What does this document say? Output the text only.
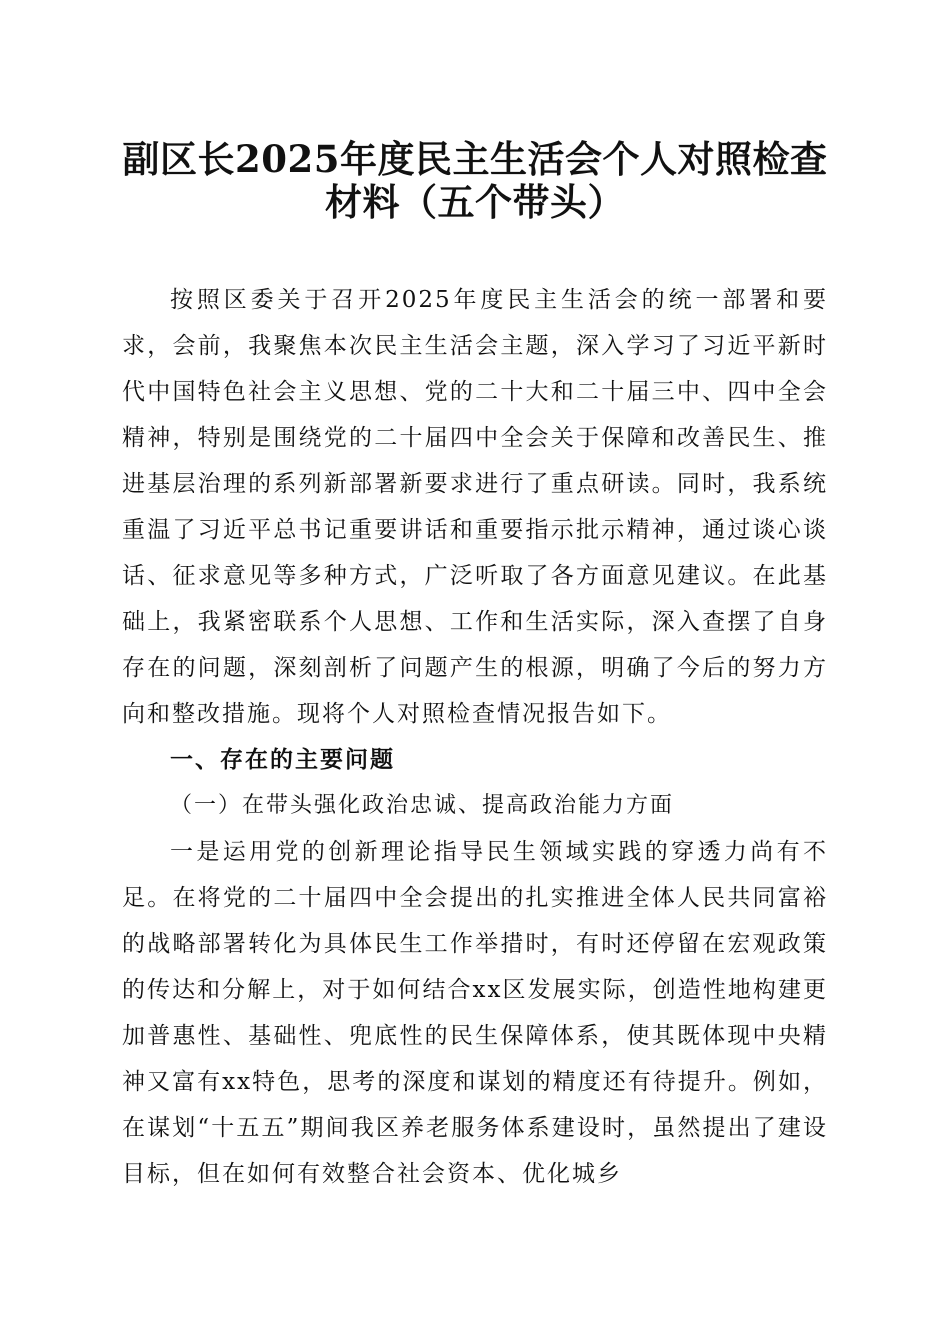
副区长2025年度民主生活会个人对照检查材料（五个带头）

按照区委关于召开2025年度民主生活会的统一部署和要求，会前，我聚焦本次民主生活会主题，深入学习了习近平新时代中国特色社会主义思想、党的二十大和二十届三中、四中全会精神，特别是围绕党的二十届四中全会关于保障和改善民生、推进基层治理的系列新部署新要求进行了重点研读。同时，我系统重温了习近平总书记重要讲话和重要指示批示精神，通过谈心谈话、征求意见等多种方式，广泛听取了各方面意见建议。在此基础上，我紧密联系个人思想、工作和生活实际，深入查摆了自身存在的问题，深刻剖析了问题产生的根源，明确了今后的努力方向和整改措施。现将个人对照检查情况报告如下。

一、存在的主要问题

（一）在带头强化政治忠诚、提高政治能力方面

一是运用党的创新理论指导民生领域实践的穿透力尚有不足。在将党的二十届四中全会提出的扎实推进全体人民共同富裕的战略部署转化为具体民生工作举措时，有时还停留在宏观政策的传达和分解上，对于如何结合xx区发展实际，创造性地构建更加普惠性、基础性、兜底性的民生保障体系，使其既体现中央精神又富有xx特色，思考的深度和谋划的精度还有待提升。例如，在谋划“十五五”期间我区养老服务体系建设时，虽然提出了建设目标，但在如何有效整合社会资本、优化城乡
